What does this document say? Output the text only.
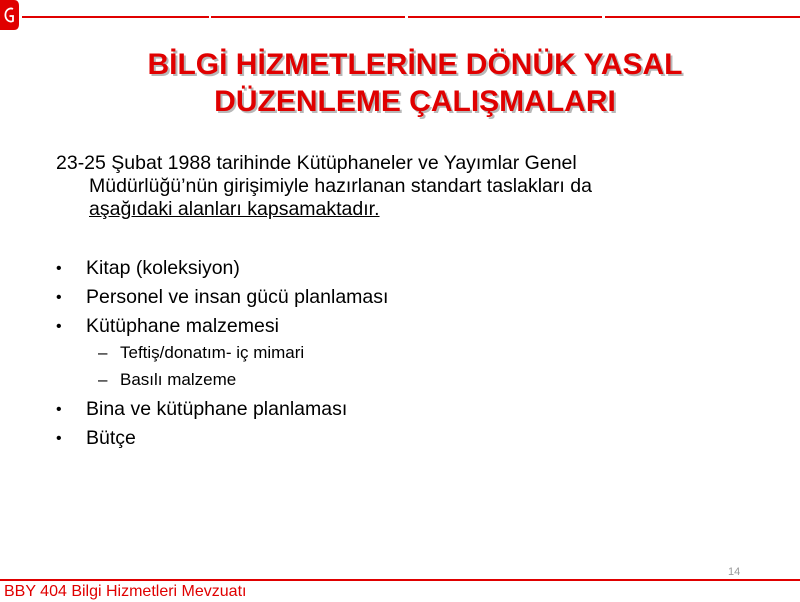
BİLGİ HİZMETLERİNE DÖNÜK YASAL
DÜZENLEME ÇALIŞMALARI
23-25 Şubat 1988 tarihinde Kütüphaneler ve Yayımlar Genel
Müdürlüğü’nün girişimiyle hazırlanan standart taslakları da
aşağıdaki alanları kapsamaktadır.
• Kitap (koleksiyon)
• Personel ve insan gücü planlaması
• Kütüphane malzemesi
– Teftiş/donatım- iç mimari
– Basılı malzeme
• Bina ve kütüphane planlaması
• Bütçe
14
BBY 404 Bilgi Hizmetleri Mevzuatı
